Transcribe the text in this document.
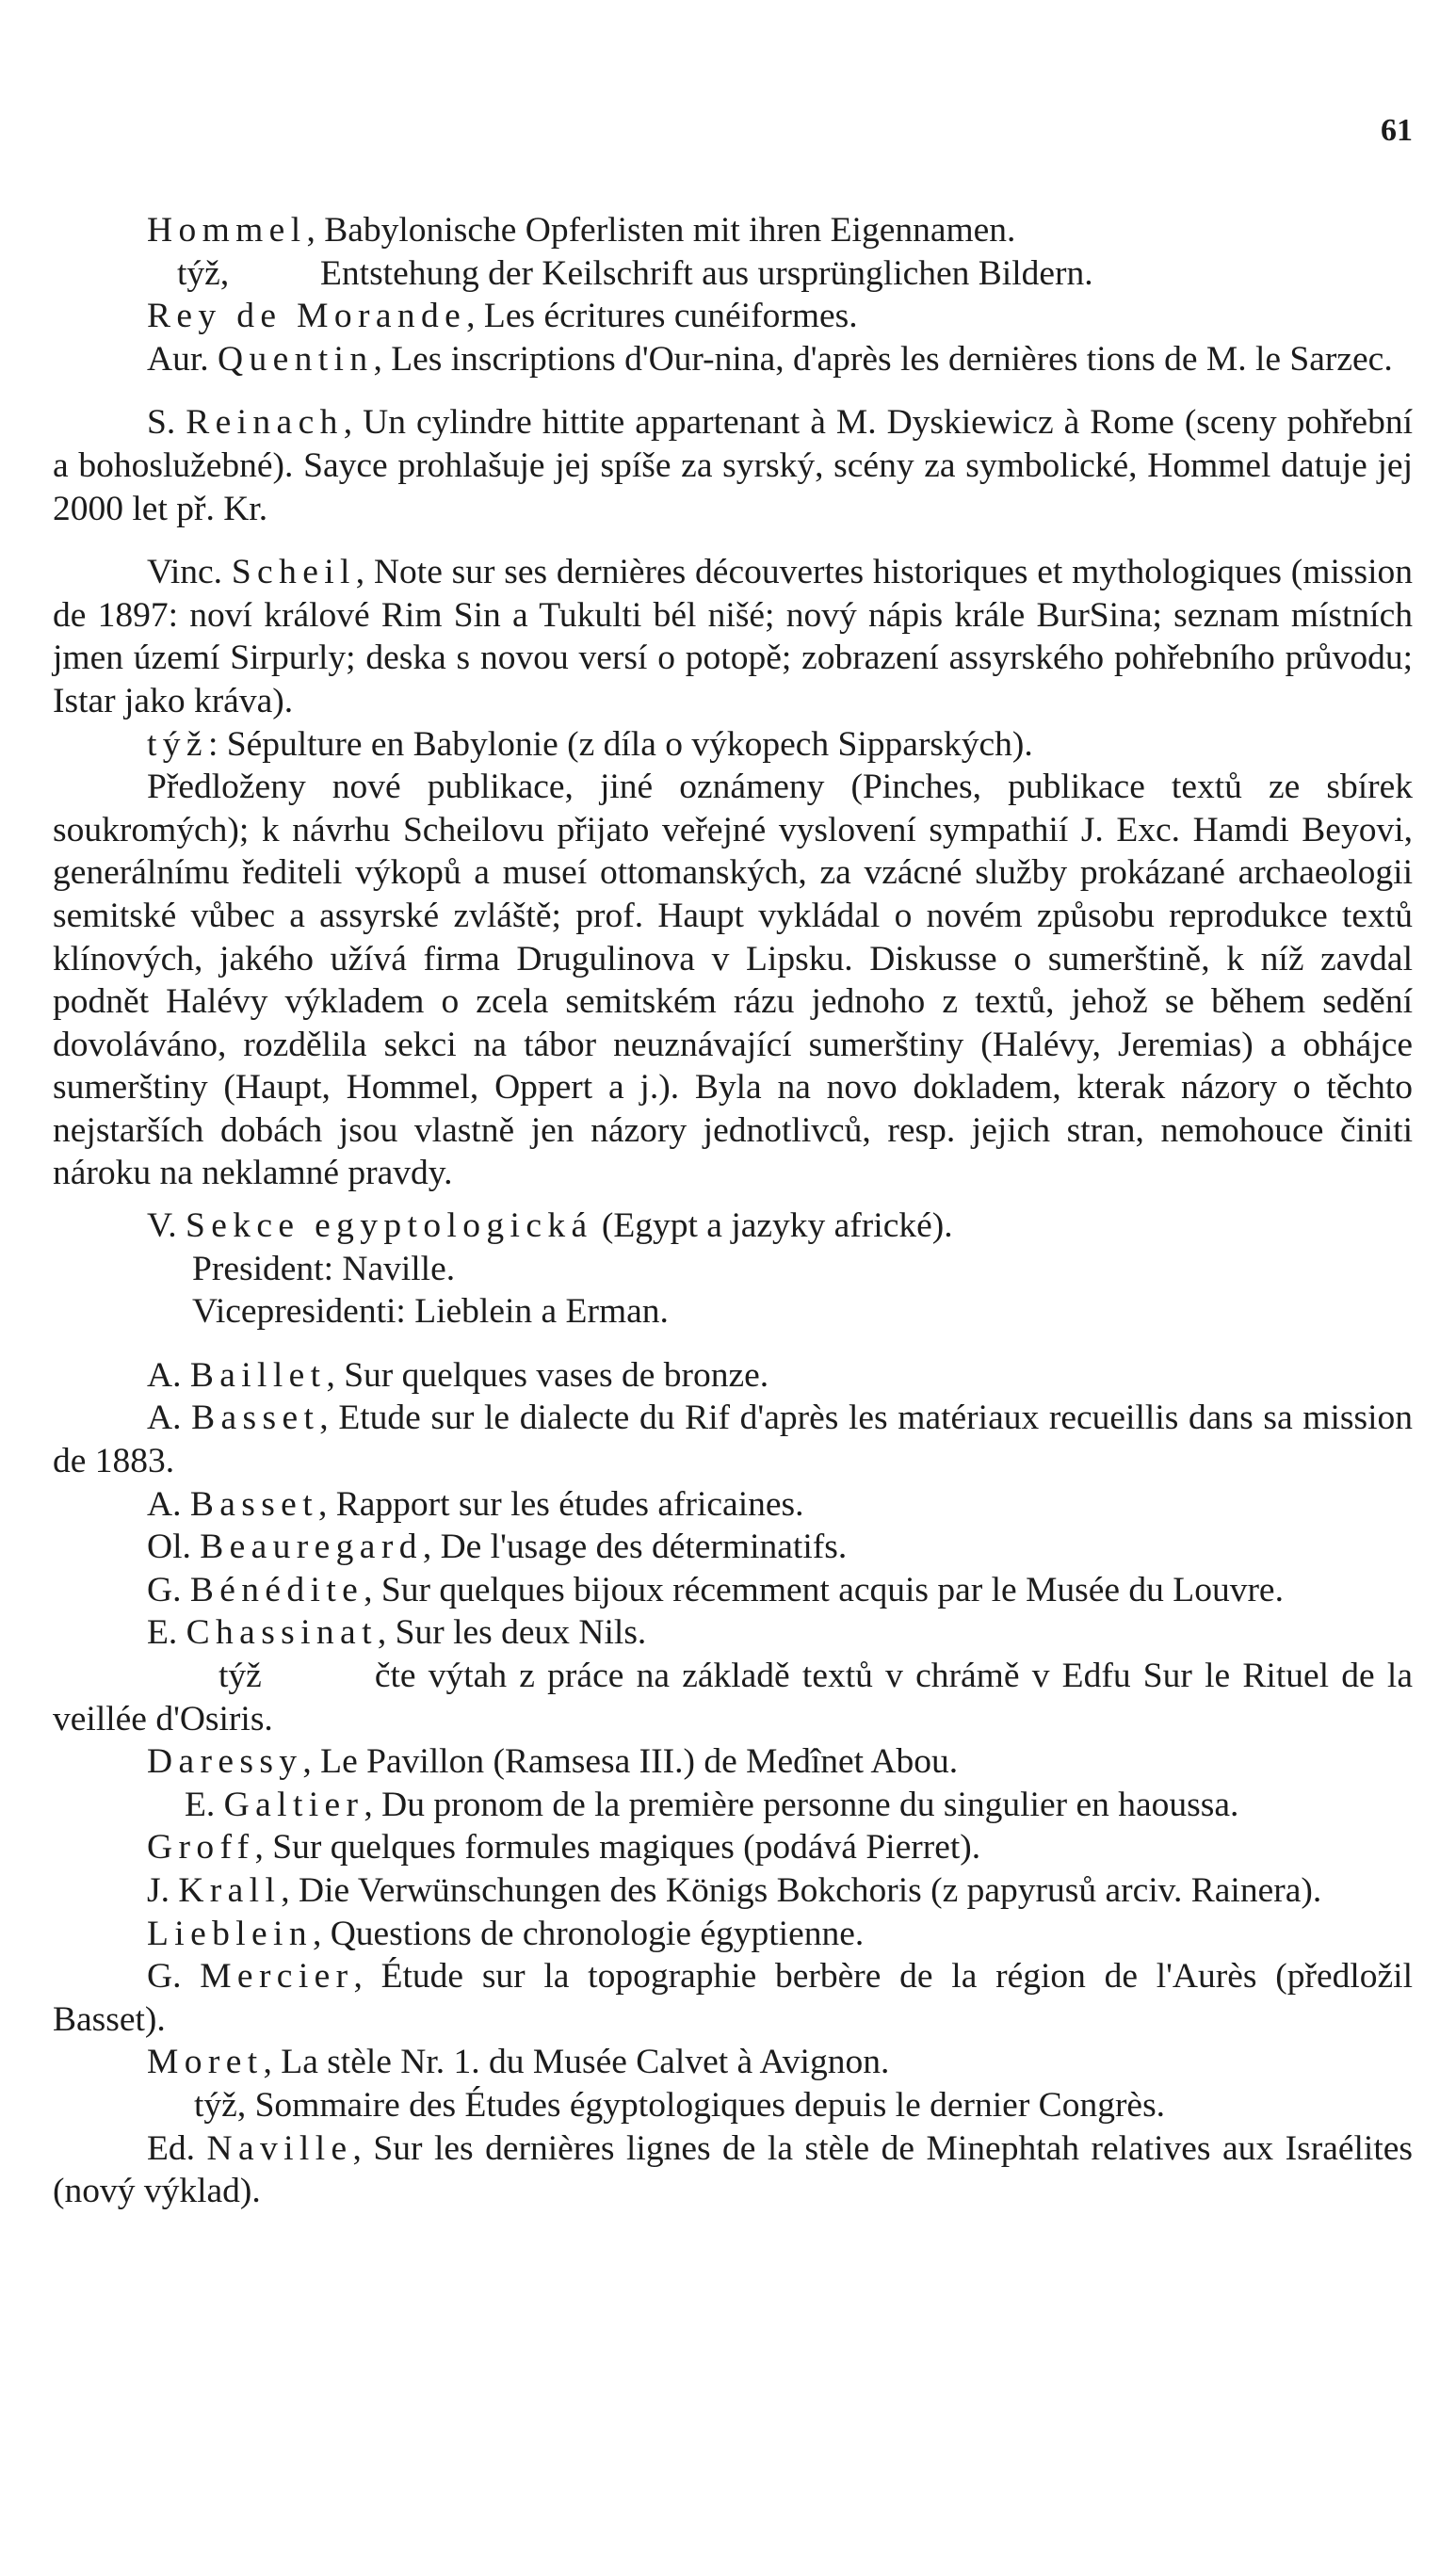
61

Hommel, Babylonische Opferlisten mit ihren Eigennamen.

týž,	Entstehung der Keilschrift aus ursprünglichen Bildern.

Rey de Morande, Les écritures cunéiformes.

Aur. Quentin, Les inscriptions d'Our-nina, d'après les dernières tions de M. le Sarzec.

S. Reinach, Un cylindre hittite appartenant à M. Dyskiewicz à Rome (sceny pohřební a bohoslužebné). Sayce prohlašuje jej spíše za syrský, scény za symbolické, Hommel datuje jej 2000 let př. Kr.

Vinc. Scheil, Note sur ses dernières découvertes historiques et mythologiques (mission de 1897: noví králové Rim Sin a Tukulti bél nišé; nový nápis krále BurSina; seznam místních jmen území Sirpurly; deska s novou versí o potopě; zobrazení assyrského pohřebního průvodu; Istar jako kráva).

týž: Sépulture en Babylonie (z díla o výkopech Sipparských).

Předloženy nové publikace, jiné oznámeny (Pinches, publikace textů ze sbírek soukromých); k návrhu Scheilovu přijato veřejné vyslovení sympathií J. Exc. Hamdi Beyovi, generálnímu řediteli výkopů a museí ottomanských, za vzácné služby prokázané archaeologii semitské vůbec a assyrské zvláště; prof. Haupt vykládal o novém způsobu reprodukce textů klínových, jakého užívá firma Drugulinova v Lipsku. Diskusse o sumerštině, k níž zavdal podnět Halévy výkladem o zcela semitském rázu jednoho z textů, jehož se během sedění dovoláváno, rozdělila sekci na tábor neuznávající sumerštiny (Halévy, Jeremias) a obhájce sumerštiny (Haupt, Hommel, Oppert a j.). Byla na novo dokladem, kterak názory o těchto nejstarších dobách jsou vlastně jen názory jednotlivců, resp. jejich stran, nemohouce činiti nároku na neklamné pravdy.

V. Sekce egyptologická (Egypt a jazyky africké).

President: Naville.

Vicepresidenti: Lieblein a Erman.

A. Baillet, Sur quelques vases de bronze.

A. Basset, Etude sur le dialecte du Rif d'après les matériaux recueillis dans sa mission de 1883.

A. Basset, Rapport sur les études africaines.

Ol. Beauregard, De l'usage des déterminatifs.

G. Bénédite, Sur quelques bijoux récemment acquis par le Musée du Louvre.

E. Chassinat, Sur les deux Nils.

týž	čte výtah z práce na základě textů v chrámě v Edfu Sur le Rituel de la veillée d'Osiris.

Daressy, Le Pavillon (Ramsesa III.) de Medînet Abou.

E. Galtier, Du pronom de la première personne du singulier en haoussa.

Groff, Sur quelques formules magiques (podává Pierret).

J. Krall, Die Verwünschungen des Königs Bokchoris (z papyrusů arciv. Rainera).

Lieblein, Questions de chronologie égyptienne.

G. Mercier, Étude sur la topographie berbère de la région de l'Aurès (předložil Basset).

Moret, La stèle Nr. 1. du Musée Calvet à Avignon.

týž, Sommaire des Études égyptologiques depuis le dernier Congrès.

Ed. Naville, Sur les dernières lignes de la stèle de Minephtah relatives aux Israélites (nový výklad).
